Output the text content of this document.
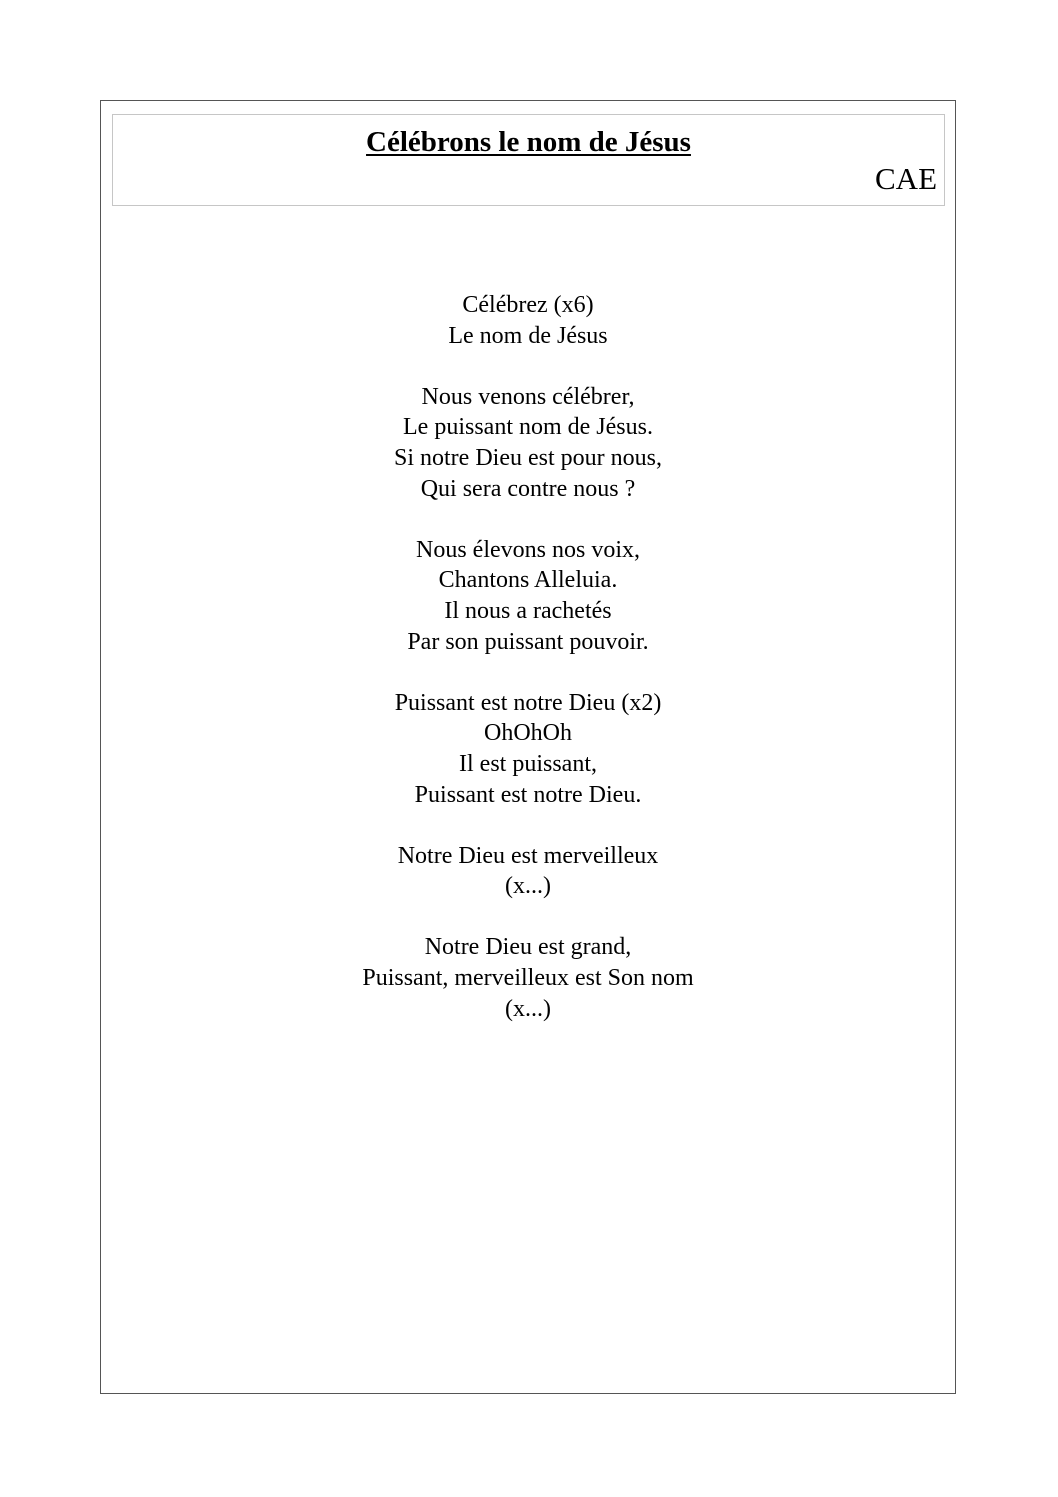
Célébrons le nom de Jésus
CAE
Célébrez (x6)
Le nom de Jésus
Nous venons célébrer,
Le puissant nom de Jésus.
Si notre Dieu est pour nous,
Qui sera contre nous ?
Nous élevons nos voix,
Chantons Alleluia.
Il nous a rachetés
Par son puissant pouvoir.
Puissant est notre Dieu (x2)
OhOhOh
Il est puissant,
Puissant est notre Dieu.
Notre Dieu est merveilleux
(x...)
Notre Dieu est grand,
Puissant, merveilleux est Son nom
(x...)
